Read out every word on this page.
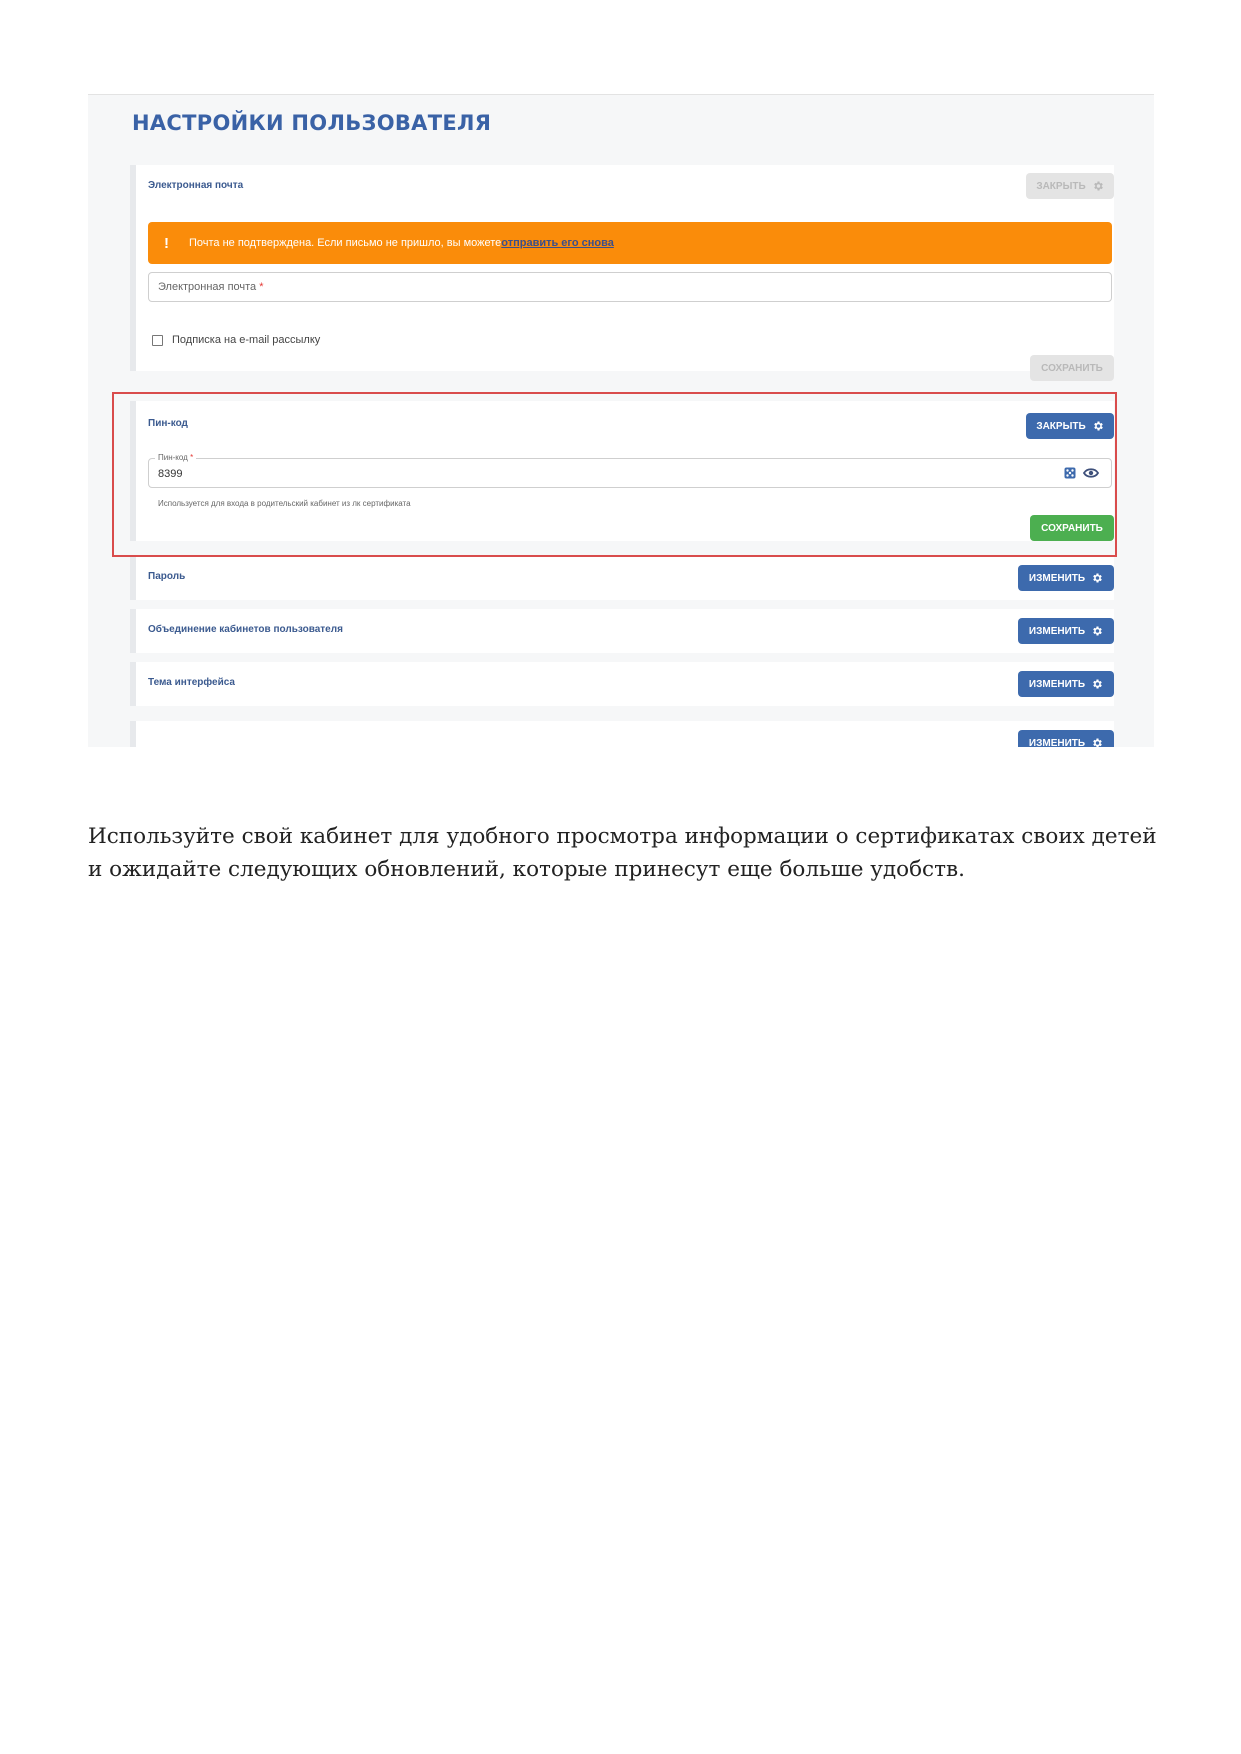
НАСТРОЙКИ ПОЛЬЗОВАТЕЛЯ
Электронная почта	ЗАКРЫТЬ
! Почта не подтверждена. Если письмо не пришло, вы можете отправить его снова
Электронная почта *
Подписка на e-mail рассылку
СОХРАНИТЬ
Пин-код	ЗАКРЫТЬ
Пин-код *
8399
Используется для входа в родительский кабинет из лк сертификата
СОХРАНИТЬ
Пароль	ИЗМЕНИТЬ
Объединение кабинетов пользователя	ИЗМЕНИТЬ
Тема интерфейса	ИЗМЕНИТЬ
ИЗМЕНИТЬ

Используйте свой кабинет для удобного просмотра информации о сертификатах своих детей и ожидайте следующих обновлений, которые принесут еще больше удобств.
